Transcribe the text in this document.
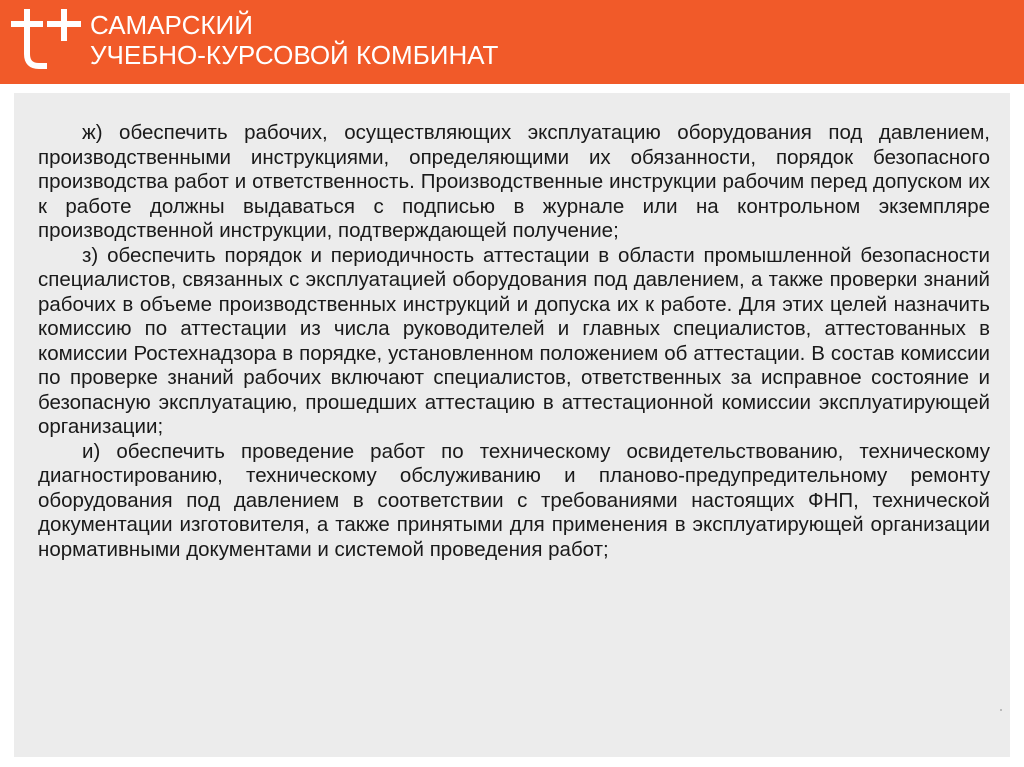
САМАРСКИЙ
УЧЕБНО-КУРСОВОЙ КОМБИНАТ

ж) обеспечить рабочих, осуществляющих эксплуатацию оборудования под давлением, производственными инструкциями, определяющими их обязанности, порядок безопасного производства работ и ответственность. Производственные инструкции рабочим перед допуском их к работе должны выдаваться с подписью в журнале или на контрольном экземпляре производственной инструкции, подтверждающей получение;

з) обеспечить порядок и периодичность аттестации в области промышленной безопасности специалистов, связанных с эксплуатацией оборудования под давлением, а также проверки знаний рабочих в объеме производственных инструкций и допуска их к работе. Для этих целей назначить комиссию по аттестации из числа руководителей и главных специалистов, аттестованных в комиссии Ростехнадзора в порядке, установленном положением об аттестации. В состав комиссии по проверке знаний рабочих включают специалистов, ответственных за исправное состояние и безопасную эксплуатацию, прошедших аттестацию в аттестационной комиссии эксплуатирующей организации;

и) обеспечить проведение работ по техническому освидетельствованию, техническому диагностированию, техническому обслуживанию и планово-предупредительному ремонту оборудования под давлением в соответствии с требованиями настоящих ФНП, технической документации изготовителя, а также принятыми для применения в эксплуатирующей организации нормативными документами и системой проведения работ;
